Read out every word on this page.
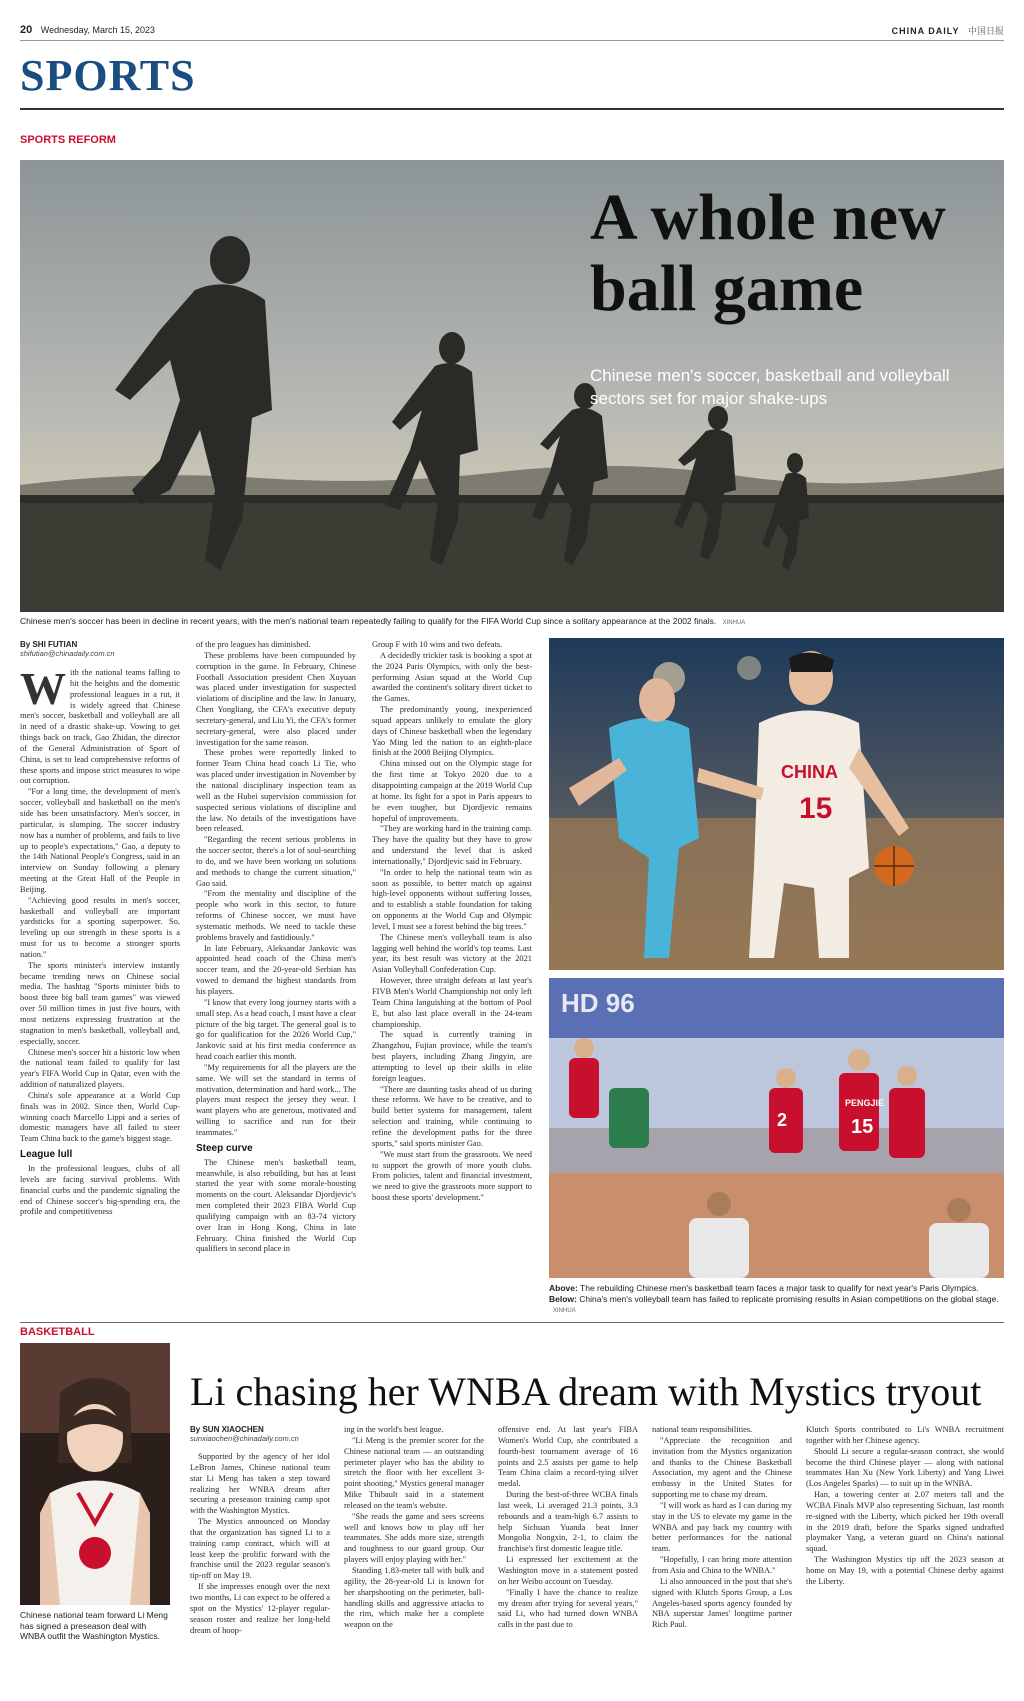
20 Wednesday, March 15, 2023	CHINA DAILY 中国日报
SPORTS
SPORTS REFORM
A whole new ball game
Chinese men's soccer, basketball and volleyball sectors set for major shake-ups
Chinese men's soccer has been in decline in recent years, with the men's national team repeatedly failing to qualify for the FIFA World Cup since a solitary appearance at the 2002 finals. XINHUA
By SHI FUTIAN
shifutian@chinadaily.com.cn

With the national teams falling to hit the heights and the domestic professional leagues in a rut, it is widely agreed that Chinese men's soccer, basketball and volleyball are all in need of a drastic shake-up. Vowing to get things back on track, Gao Zhidan, the director of the General Administration of Sport of China, is set to lead comprehensive reforms of these sports and impose strict measures to wipe out corruption.

"For a long time, the development of men's soccer, volleyball and basketball on the men's side has been unsatisfactory. Men's soccer, in particular, is slumping. The soccer industry now has a number of problems, and fails to live up to people's expectations," Gao, a deputy to the 14th National People's Congress, said in an interview on Sunday following a plenary meeting at the Great Hall of the People in Beijing.

"Achieving good results in men's soccer, basketball and volleyball are important yardsticks for a sporting superpower. So, leveling up our strength in these sports is a must for us to become a stronger sports nation."

The sports minister's interview instantly became trending news on Chinese social media. The hashtag "Sports minister bids to boost three big ball team games" was viewed over 50 million times in just five hours, with most netizens expressing frustration at the stagnation in men's basketball, volleyball and, especially, soccer.

Chinese men's soccer hit a historic low when the national team failed to qualify for last year's FIFA World Cup in Qatar, even with the addition of naturalized players.

China's sole appearance at a World Cup finals was in 2002. Since then, World Cup-winning coach Marcello Lippi and a series of domestic managers have all failed to steer Team China back to the game's biggest stage.

League lull

In the professional leagues, clubs of all levels are facing survival problems. With financial curbs and the pandemic signaling the end of Chinese soccer's big-spending era, the profile and competitiveness

of the pro leagues has diminished.

These problems have been compounded by corruption in the game. In February, Chinese Football Association president Chen Xuyuan was placed under investigation for suspected violations of discipline and the law. In January, Chen Yongliang, the CFA's executive deputy secretary-general, and Liu Yi, the CFA's former secretary-general, were also placed under investigation for the same reason.

These probes were reportedly linked to former Team China head coach Li Tie, who was placed under investigation in November by the national disciplinary inspection team as well as the Hubei supervision commission for suspected serious violations of discipline and the law. No details of the investigations have been released.

"Regarding the recent serious problems in the soccer sector, there's a lot of soul-searching to do, and we have been working on solutions and methods to change the current situation," Gao said.

"From the mentality and discipline of the people who work in this sector, to future reforms of Chinese soccer, we must have systematic methods. We need to tackle these problems bravely and fastidiously."

In late February, Aleksandar Jankovic was appointed head coach of the China men's soccer team, and the 20-year-old Serbian has vowed to demand the highest standards from his players.

"I know that every long journey starts with a small step. As a head coach, I must have a clear picture of the big target. The general goal is to go for qualification for the 2026 World Cup," Jankovic said at his first media conference as head coach earlier this month.

"My requirements for all the players are the same. We will set the standard in terms of motivation, determination and hard work... The players must respect the jersey they wear. I want players who are generous, motivated and willing to sacrifice and run for their teammates."

Steep curve

The Chinese men's basketball team, meanwhile, is also rebuilding, but has at least started the year with some morale-boosting moments on the court. Aleksandar Djordjevic's men completed their 2023 FIBA World Cup qualifying campaign with an 83-74 victory over Iran in Hong Kong, China in late February. China finished the World Cup qualifiers in second place in

Group F with 10 wins and two defeats.

A decidedly trickier task is booking a spot at the 2024 Paris Olympics, with only the best-performing Asian squad at the World Cup awarded the continent's solitary direct ticket to the Games.

The predominantly young, inexperienced squad appears unlikely to emulate the glory days of Chinese basketball when the legendary Yao Ming led the nation to an eighth-place finish at the 2008 Beijing Olympics.

China missed out on the Olympic stage for the first time at Tokyo 2020 due to a disappointing campaign at the 2019 World Cup at home. Its fight for a spot in Paris appears to be even tougher, but Djordjevic remains hopeful of improvements.

"They are working hard in the training camp. They have the quality but they have to grow and understand the level that is asked internationally," Djordjevic said in February.

"In order to help the national team win as soon as possible, to better match up against high-level opponents without suffering losses, and to establish a stable foundation for taking on opponents at the World Cup and Olympic level, I must see a forest behind the big trees."

The Chinese men's volleyball team is also lagging well behind the world's top teams. Last year, its best result was victory at the 2021 Asian Volleyball Confederation Cup.

However, three straight defeats at last year's FIVB Men's World Championship not only left Team China languishing at the bottom of Pool E, but also last place overall in the 24-team championship.

The squad is currently training in Zhangzhou, Fujian province, while the team's best players, including Zhang Jingyin, are attempting to level up their skills in elite foreign leagues.

"There are daunting tasks ahead of us during these reforms. We have to be creative, and to build better systems for management, talent selection and training, while continuing to refine the development paths for the three sports," said sports minister Gao.

"We must start from the grassroots. We need to support the growth of more youth clubs. From policies, talent and financial investment, we need to give the grassroots more support to boost these sports' development."

CHINA
15
HD 96
PENGJIE
15
2
Above: The rebuilding Chinese men's basketball team faces a major task to qualify for next year's Paris Olympics. Below: China's men's volleyball team has failed to replicate promising results in Asian competitions on the global stage. XINHUA
BASKETBALL
Chinese national team forward Li Meng has signed a preseason deal with WNBA outfit the Washington Mystics.
Li chasing her WNBA dream with Mystics tryout
By SUN XIAOCHEN
sunxiaochen@chinadaily.com.cn

Supported by the agency of her idol LeBron James, Chinese national team star Li Meng has taken a step toward realizing her WNBA dream after securing a preseason training camp spot with the Washington Mystics.

The Mystics announced on Monday that the organization has signed Li to a training camp contract, which will at least keep the prolific forward with the franchise until the 2023 regular season's tip-off on May 19.

If she impresses enough over the next two months, Li can expect to be offered a spot on the Mystics' 12-player regular-season roster and realize her long-held dream of hoop-

ing in the world's best league.

"Li Meng is the premier scorer for the Chinese national team — an outstanding perimeter player who has the ability to stretch the floor with her excellent 3-point shooting," Mystics general manager Mike Thibault said in a statement released on the team's website.

"She reads the game and sees screens well and knows how to play off her teammates. She adds more size, strength and toughness to our guard group. Our players will enjoy playing with her."

Standing 1.83-meter tall with bulk and agility, the 28-year-old Li is known for her sharpshooting on the perimeter, ball-handling skills and aggressive attacks to the rim, which make her a complete weapon on the

offensive end. At last year's FIBA Women's World Cup, she contributed a fourth-best tournament average of 16 points and 2.5 assists per game to help Team China claim a record-tying silver medal.

During the best-of-three WCBA finals last week, Li averaged 21.3 points, 3.3 rebounds and a team-high 6.7 assists to help Sichuan Yuanda beat Inner Mongolia Nongxin, 2-1, to claim the franchise's first domestic league title.

Li expressed her excitement at the Washington move in a statement posted on her Weibo account on Tuesday.

"Finally I have the chance to realize my dream after trying for several years," said Li, who had turned down WNBA calls in the past due to

national team responsibilities.

"Appreciate the recognition and invitation from the Mystics organization and thanks to the Chinese Basketball Association, my agent and the Chinese embassy in the United States for supporting me to chase my dream.

"I will work as hard as I can during my stay in the US to elevate my game in the WNBA and pay back my country with better performances for the national team.

"Hopefully, I can bring more attention from Asia and China to the WNBA."

Li also announced in the post that she's signed with Klutch Sports Group, a Los Angeles-based sports agency founded by NBA superstar James' longtime partner Rich Paul.

Klutch Sports contributed to Li's WNBA recruitment together with her Chinese agency.

Should Li secure a regular-season contract, she would become the third Chinese player — along with national teammates Han Xu (New York Liberty) and Yang Liwei (Los Angeles Sparks) — to suit up in the WNBA.

Han, a towering center at 2.07 meters tall and the WCBA Finals MVP also representing Sichuan, last month re-signed with the Liberty, which picked her 19th overall in the 2019 draft, before the Sparks signed undrafted playmaker Yang, a veteran guard on China's national squad.

The Washington Mystics tip off the 2023 season at home on May 19, with a potential Chinese derby against the Liberty.
